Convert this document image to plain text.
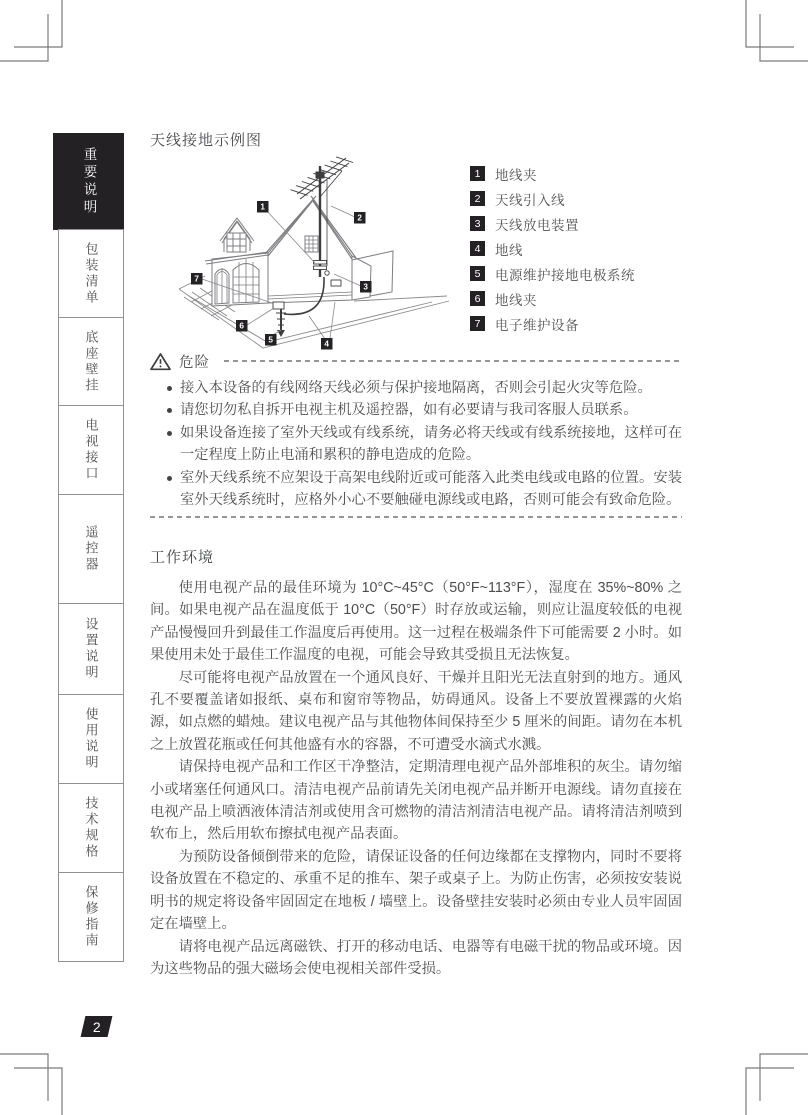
重要说明
包装清单
底座壁挂
电视接口
遥控器
设置说明
使用说明
技术规格
保修指南
天线接地示例图
1
2
3
4
5
6
7
1	地线夹
2	天线引入线
3	天线放电装置
4	地线
5	电源维护接地电极系统
6	地线夹
7	电子维护设备
危险
接入本设备的有线网络天线必须与保护接地隔离，否则会引起火灾等危险。
请您切勿私自拆开电视主机及遥控器，如有必要请与我司客服人员联系。
如果设备连接了室外天线或有线系统，请务必将天线或有线系统接地，这样可在一定程度上防止电涌和累积的静电造成的危险。
室外天线系统不应架设于高架电线附近或可能落入此类电线或电路的位置。安装室外天线系统时，应格外小心不要触碰电源线或电路，否则可能会有致命危险。
工作环境

使用电视产品的最佳环境为 10°C~45°C（50°F~113°F），湿度在 35%~80% 之间。如果电视产品在温度低于 10°C（50°F）时存放或运输，则应让温度较低的电视产品慢慢回升到最佳工作温度后再使用。这一过程在极端条件下可能需要 2 小时。如果使用未处于最佳工作温度的电视，可能会导致其受损且无法恢复。

尽可能将电视产品放置在一个通风良好、干燥并且阳光无法直射到的地方。通风孔不要覆盖诸如报纸、桌布和窗帘等物品，妨碍通风。设备上不要放置裸露的火焰源，如点燃的蜡烛。建议电视产品与其他物体间保持至少 5 厘米的间距。请勿在本机之上放置花瓶或任何其他盛有水的容器，不可遭受水滴式水溅。

请保持电视产品和工作区干净整洁，定期清理电视产品外部堆积的灰尘。请勿缩小或堵塞任何通风口。清洁电视产品前请先关闭电视产品并断开电源线。请勿直接在电视产品上喷洒液体清洁剂或使用含可燃物的清洁剂清洁电视产品。请将清洁剂喷到软布上，然后用软布擦拭电视产品表面。

为预防设备倾倒带来的危险，请保证设备的任何边缘都在支撑物内，同时不要将设备放置在不稳定的、承重不足的推车、架子或桌子上。为防止伤害，必须按安装说明书的规定将设备牢固固定在地板 / 墙壁上。设备壁挂安装时必须由专业人员牢固固定在墙壁上。

请将电视产品远离磁铁、打开的移动电话、电器等有电磁干扰的物品或环境。因为这些物品的强大磁场会使电视相关部件受损。

2
